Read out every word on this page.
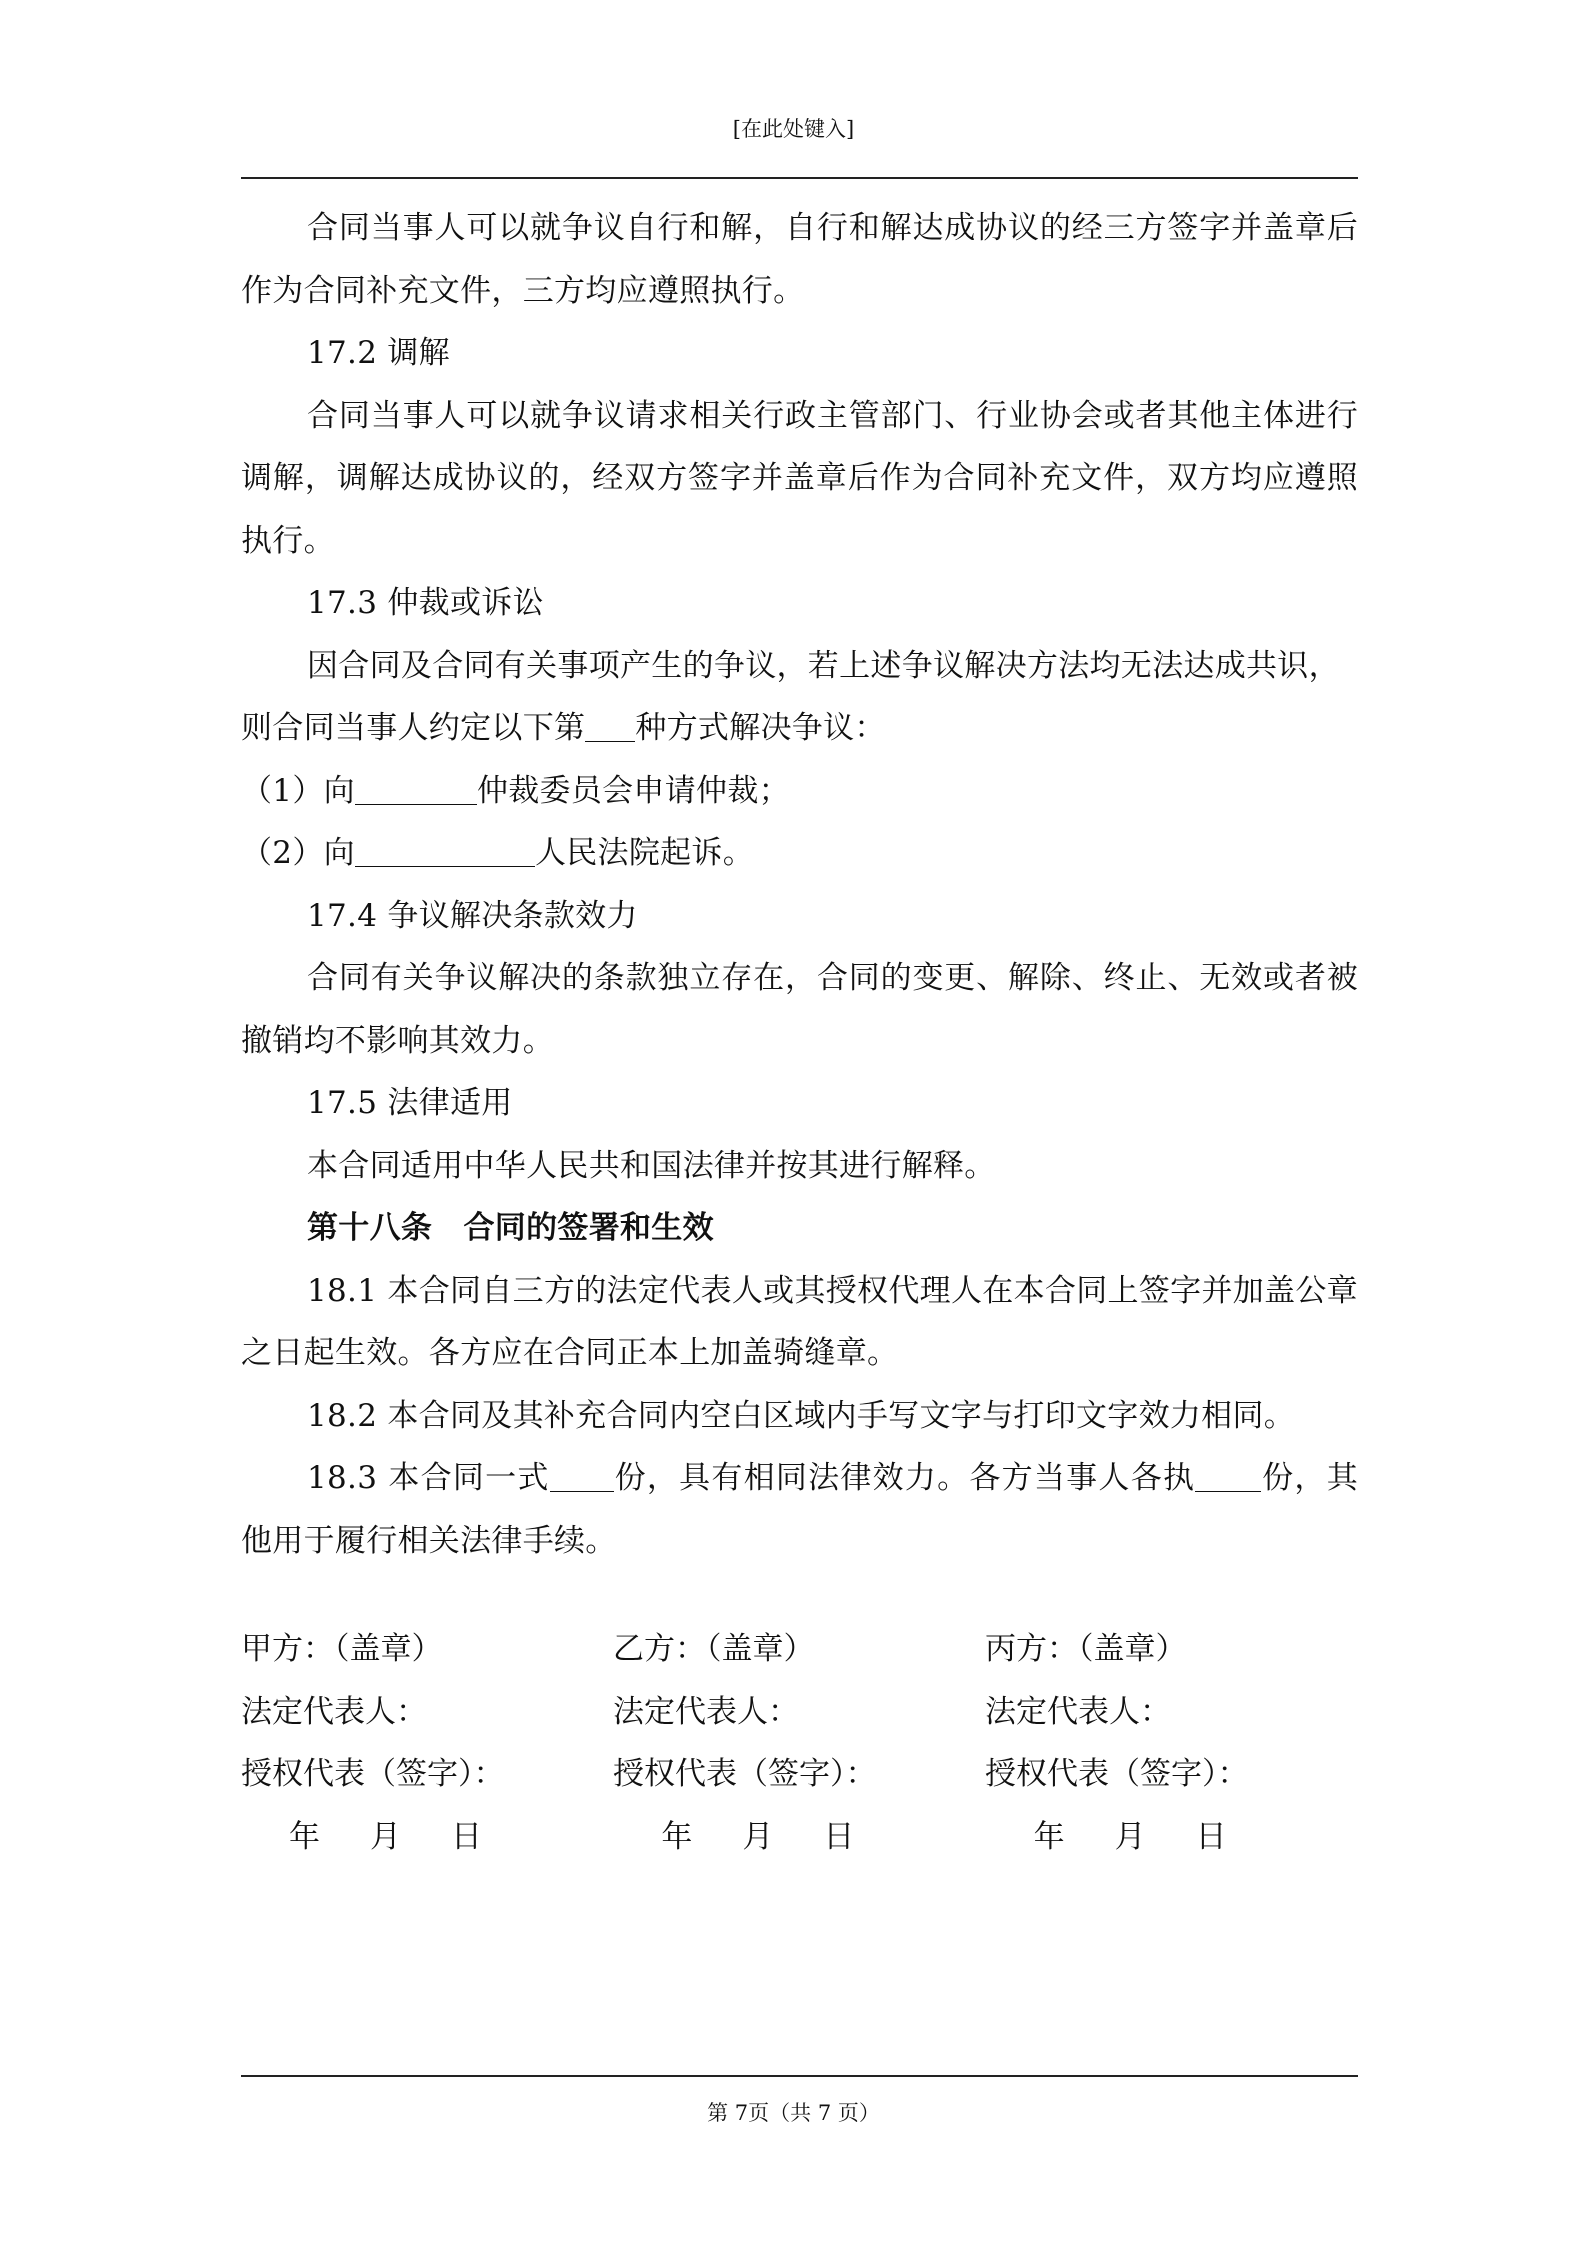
[在此处键入]

合同当事人可以就争议自行和解，自行和解达成协议的经三方签字并盖章后作为合同补充文件，三方均应遵照执行。

17.2 调解

合同当事人可以就争议请求相关行政主管部门、行业协会或者其他主体进行调解，调解达成协议的，经双方签字并盖章后作为合同补充文件，双方均应遵照执行。

17.3 仲裁或诉讼

因合同及合同有关事项产生的争议，若上述争议解决方法均无法达成共识，

则合同当事人约定以下第 种方式解决争议：

（1）向	仲裁委员会申请仲裁；

（2）向	人民法院起诉。

17.4 争议解决条款效力

合同有关争议解决的条款独立存在，合同的变更、解除、终止、无效或者被撤销均不影响其效力。

17.5 法律适用

本合同适用中华人民共和国法律并按其进行解释。

第十八条　合同的签署和生效

18.1 本合同自三方的法定代表人或其授权代理人在本合同上签字并加盖公章之日起生效。各方应在合同正本上加盖骑缝章。

18.2 本合同及其补充合同内空白区域内手写文字与打印文字效力相同。

18.3 本合同一式 份，具有相同法律效力。各方当事人各执 份，其他用于履行相关法律手续。

甲方：（盖章）	乙方：（盖章）	丙方：（盖章）
法定代表人：	法定代表人：	法定代表人：
授权代表（签字）：	授权代表（签字）：	授权代表（签字）：
年 月 日	年 月 日	年 月 日
第 7页（共 7 页）
